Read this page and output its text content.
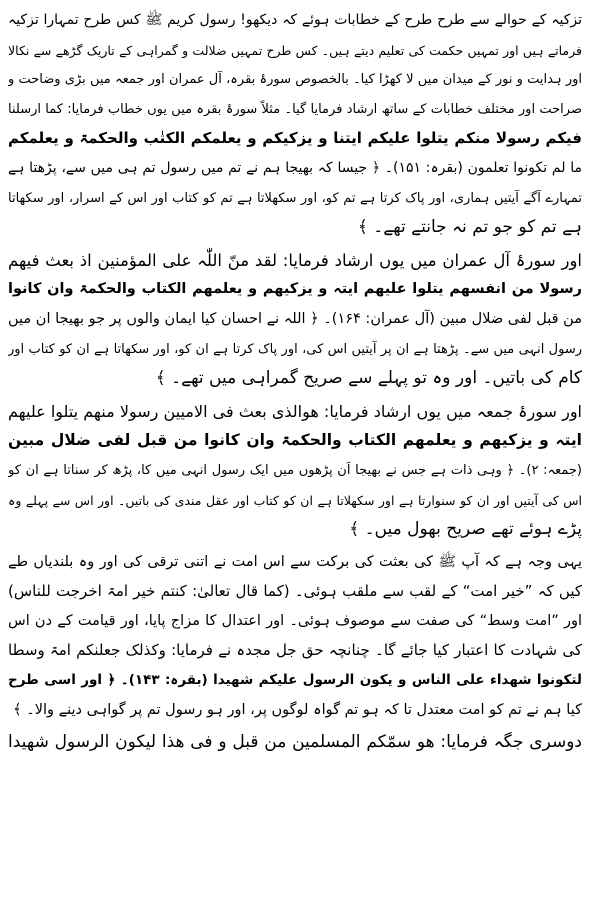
تزکیہ کے حوالے سے طرح طرح کے خطابات ہوئے کہ دیکھو! رسول کریم ﷺ کس طرح تمہارا تزکیہ
فرماتے ہیں اور تمہیں حکمت کی تعلیم دیتے ہیں۔ کس طرح تمہیں ضلالت و گمراہی کے تاریک گڑھے سے نکالا
اور ہدایت و نور کے میدان میں لا کھڑا کیا۔ بالخصوص سورۂ بقرہ، آل عمران اور جمعہ میں بڑی وضاحت و
صراحت اور مختلف خطابات کے ساتھ ارشاد فرمایا گیا۔ مثلاً سورۂ بقرہ میں یوں خطاب فرمایا: کما ارسلنا
فیکم رسولا منکم یتلوا علیکم ایتنا و یزکیکم و یعلمکم الکتٰب والحکمۃ و یعلمکم
ما لم تکونوا تعلمون (بقرہ: ۱۵۱)۔ ﴿ جیسا کہ بھیجا ہم نے تم میں رسول تم ہی میں سے، پڑھتا ہے
تمہارے آگے آیتیں ہماری، اور پاک کرتا ہے تم کو، اور سکھلاتا ہے تم کو کتاب اور اس کے اسرار، اور سکھاتا
ہے تم کو جو تم نہ جانتے تھے۔ ﴾
اور سورۂ آل عمران میں یوں ارشاد فرمایا: لقد منّ اللّٰہ علی المؤمنین اذ بعث فیھم
رسولا من انفسھم یتلوا علیھم ایتہ و یزکیھم و یعلمھم الکتاب والحکمۃ وان کانوا
من قبل لفی ضلال مبین (آل عمران: ۱۶۴)۔ ﴿ اللہ نے احسان کیا ایمان والوں پر جو بھیجا ان میں
رسول انہی میں سے۔ پڑھتا ہے ان پر آیتیں اس کی، اور پاک کرتا ہے ان کو، اور سکھاتا ہے ان کو کتاب اور
کام کی باتیں۔ اور وہ تو پہلے سے صریح گمراہی میں تھے۔ ﴾
اور سورۂ جمعہ میں یوں ارشاد فرمایا: ھوالذی بعث فی الامیین رسولا منھم یتلوا علیھم
ایتہ و یزکیھم و یعلمھم الکتاب والحکمۃ وان کانوا من قبل لفی ضلال مبین
(جمعہ: ۲)۔ ﴿ وہی ذات ہے جس نے بھیجا اَن پڑھوں میں ایک رسول انہی میں کا، پڑھ کر سناتا ہے ان کو
اس کی آیتیں اور ان کو سنوارتا ہے اور سکھلاتا ہے ان کو کتاب اور عقل مندی کی باتیں۔ اور اس سے پہلے وہ
پڑے ہوئے تھے صریح بھول میں۔ ﴾
یہی وجہ ہے کہ آپ ﷺ کی بعثت کی برکت سے اس امت نے اتنی ترقی کی اور وہ بلندیاں طے
کیں کہ ”خیر امت“ کے لقب سے ملقب ہوئی۔ (کما قال تعالیٰ: کنتم خیر امۃ اخرجت للناس)
اور ”امت وسط“ کی صفت سے موصوف ہوئی۔ اور اعتدال کا مزاج پایا، اور قیامت کے دن اس
کی شہادت کا اعتبار کیا جائے گا۔ چنانچہ حق جل مجدہ نے فرمایا: وکذلک جعلنکم امۃ وسطا
لتکونوا شھداء علی الناس و یکون الرسول علیکم شھیدا (بقرہ: ۱۴۳)۔ ﴿ اور اسی طرح
کیا ہم نے تم کو امت معتدل تا کہ ہو تم گواہ لوگوں پر، اور ہو رسول تم پر گواہی دینے والا۔ ﴾
دوسری جگہ فرمایا: ھو سمّکم المسلمین من قبل و فی ھذا لیکون الرسول شھیدا
